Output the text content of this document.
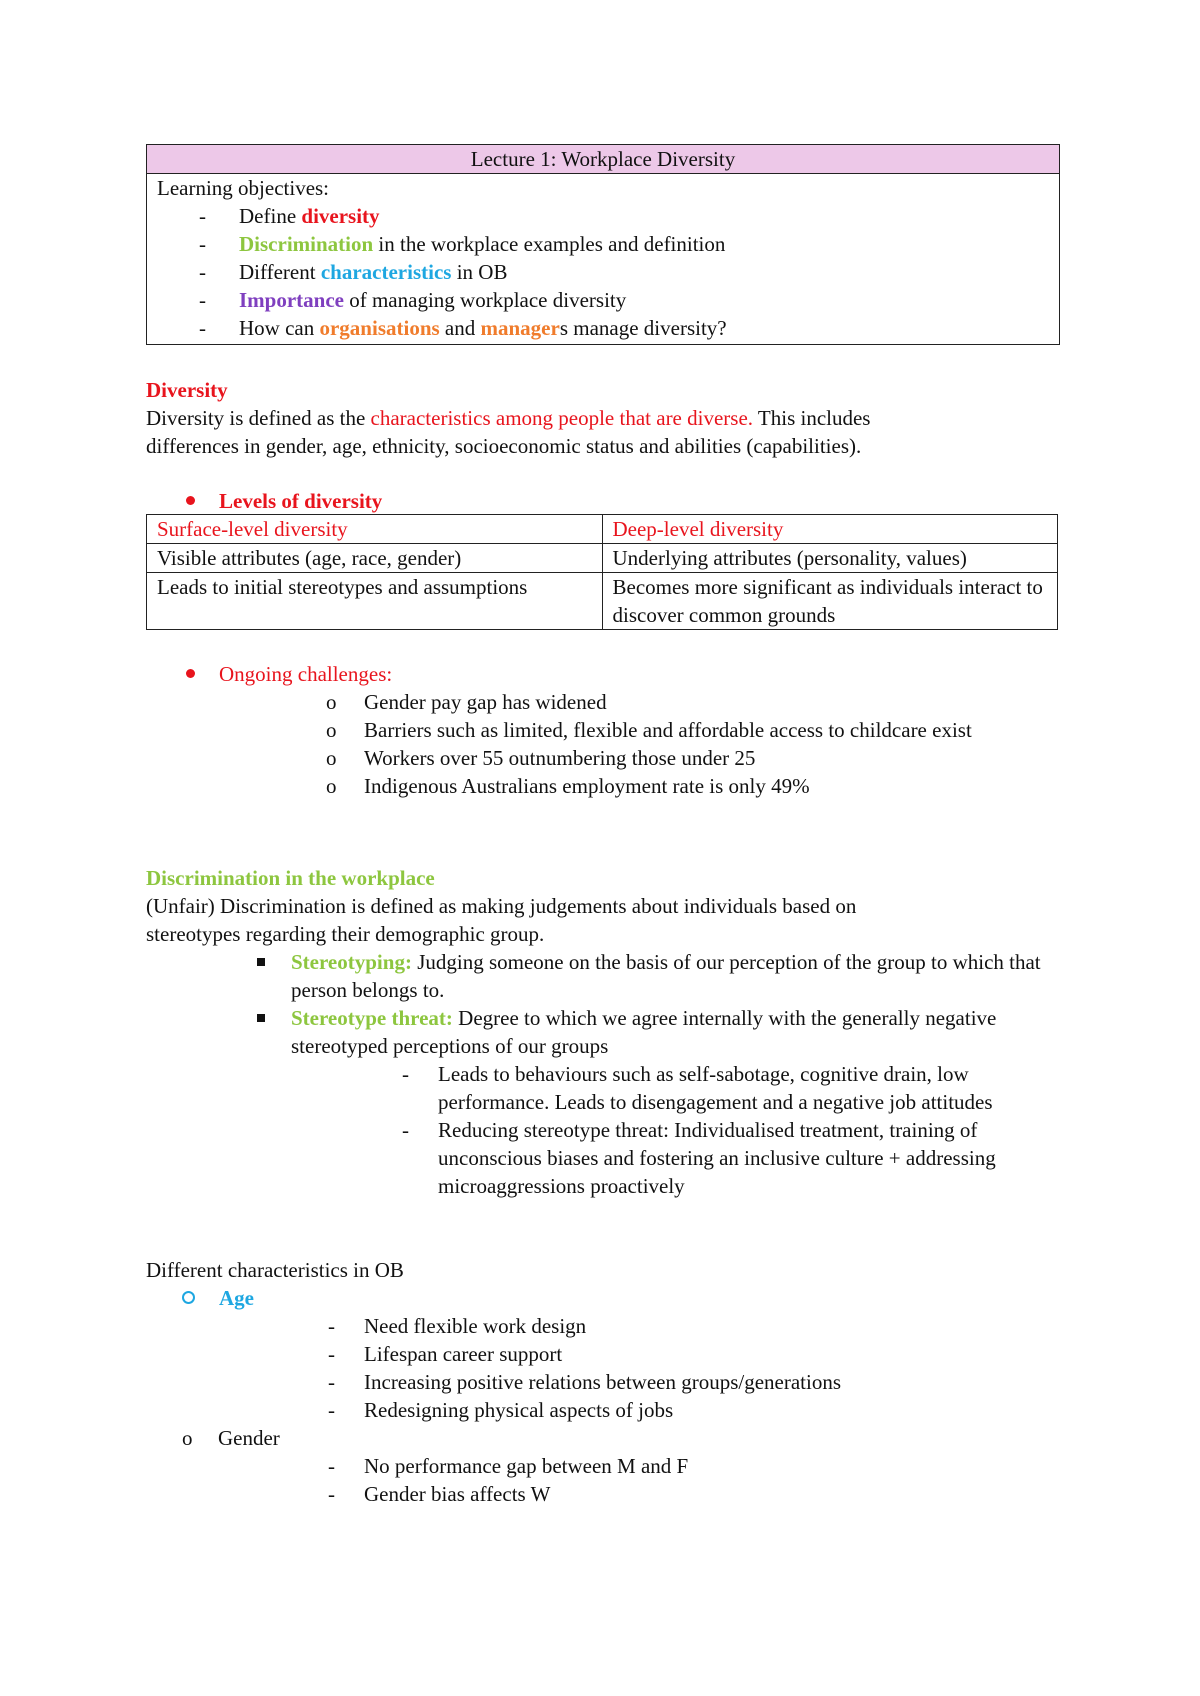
Lecture 1: Workplace Diversity
Learning objectives:
- Define diversity
- Discrimination in the workplace examples and definition
- Different characteristics in OB
- Importance of managing workplace diversity
- How can organisations and managers manage diversity?
Diversity
Diversity is defined as the characteristics among people that are diverse. This includes
differences in gender, age, ethnicity, socioeconomic status and abilities (capabilities).
Levels of diversity
Surface-level diversity	Deep-level diversity
Visible attributes (age, race, gender)	Underlying attributes (personality, values)
Leads to initial stereotypes and assumptions	Becomes more significant as individuals interact to discover common grounds
Ongoing challenges:
o Gender pay gap has widened
o Barriers such as limited, flexible and affordable access to childcare exist
o Workers over 55 outnumbering those under 25
o Indigenous Australians employment rate is only 49%
Discrimination in the workplace
(Unfair) Discrimination is defined as making judgements about individuals based on
stereotypes regarding their demographic group.
Stereotyping: Judging someone on the basis of our perception of the group to which that person belongs to.
Stereotype threat: Degree to which we agree internally with the generally negative stereotyped perceptions of our groups
- Leads to behaviours such as self-sabotage, cognitive drain, low performance. Leads to disengagement and a negative job attitudes
- Reducing stereotype threat: Individualised treatment, training of unconscious biases and fostering an inclusive culture + addressing microaggressions proactively
Different characteristics in OB
Age
- Need flexible work design
- Lifespan career support
- Increasing positive relations between groups/generations
- Redesigning physical aspects of jobs
o Gender
- No performance gap between M and F
- Gender bias affects W
